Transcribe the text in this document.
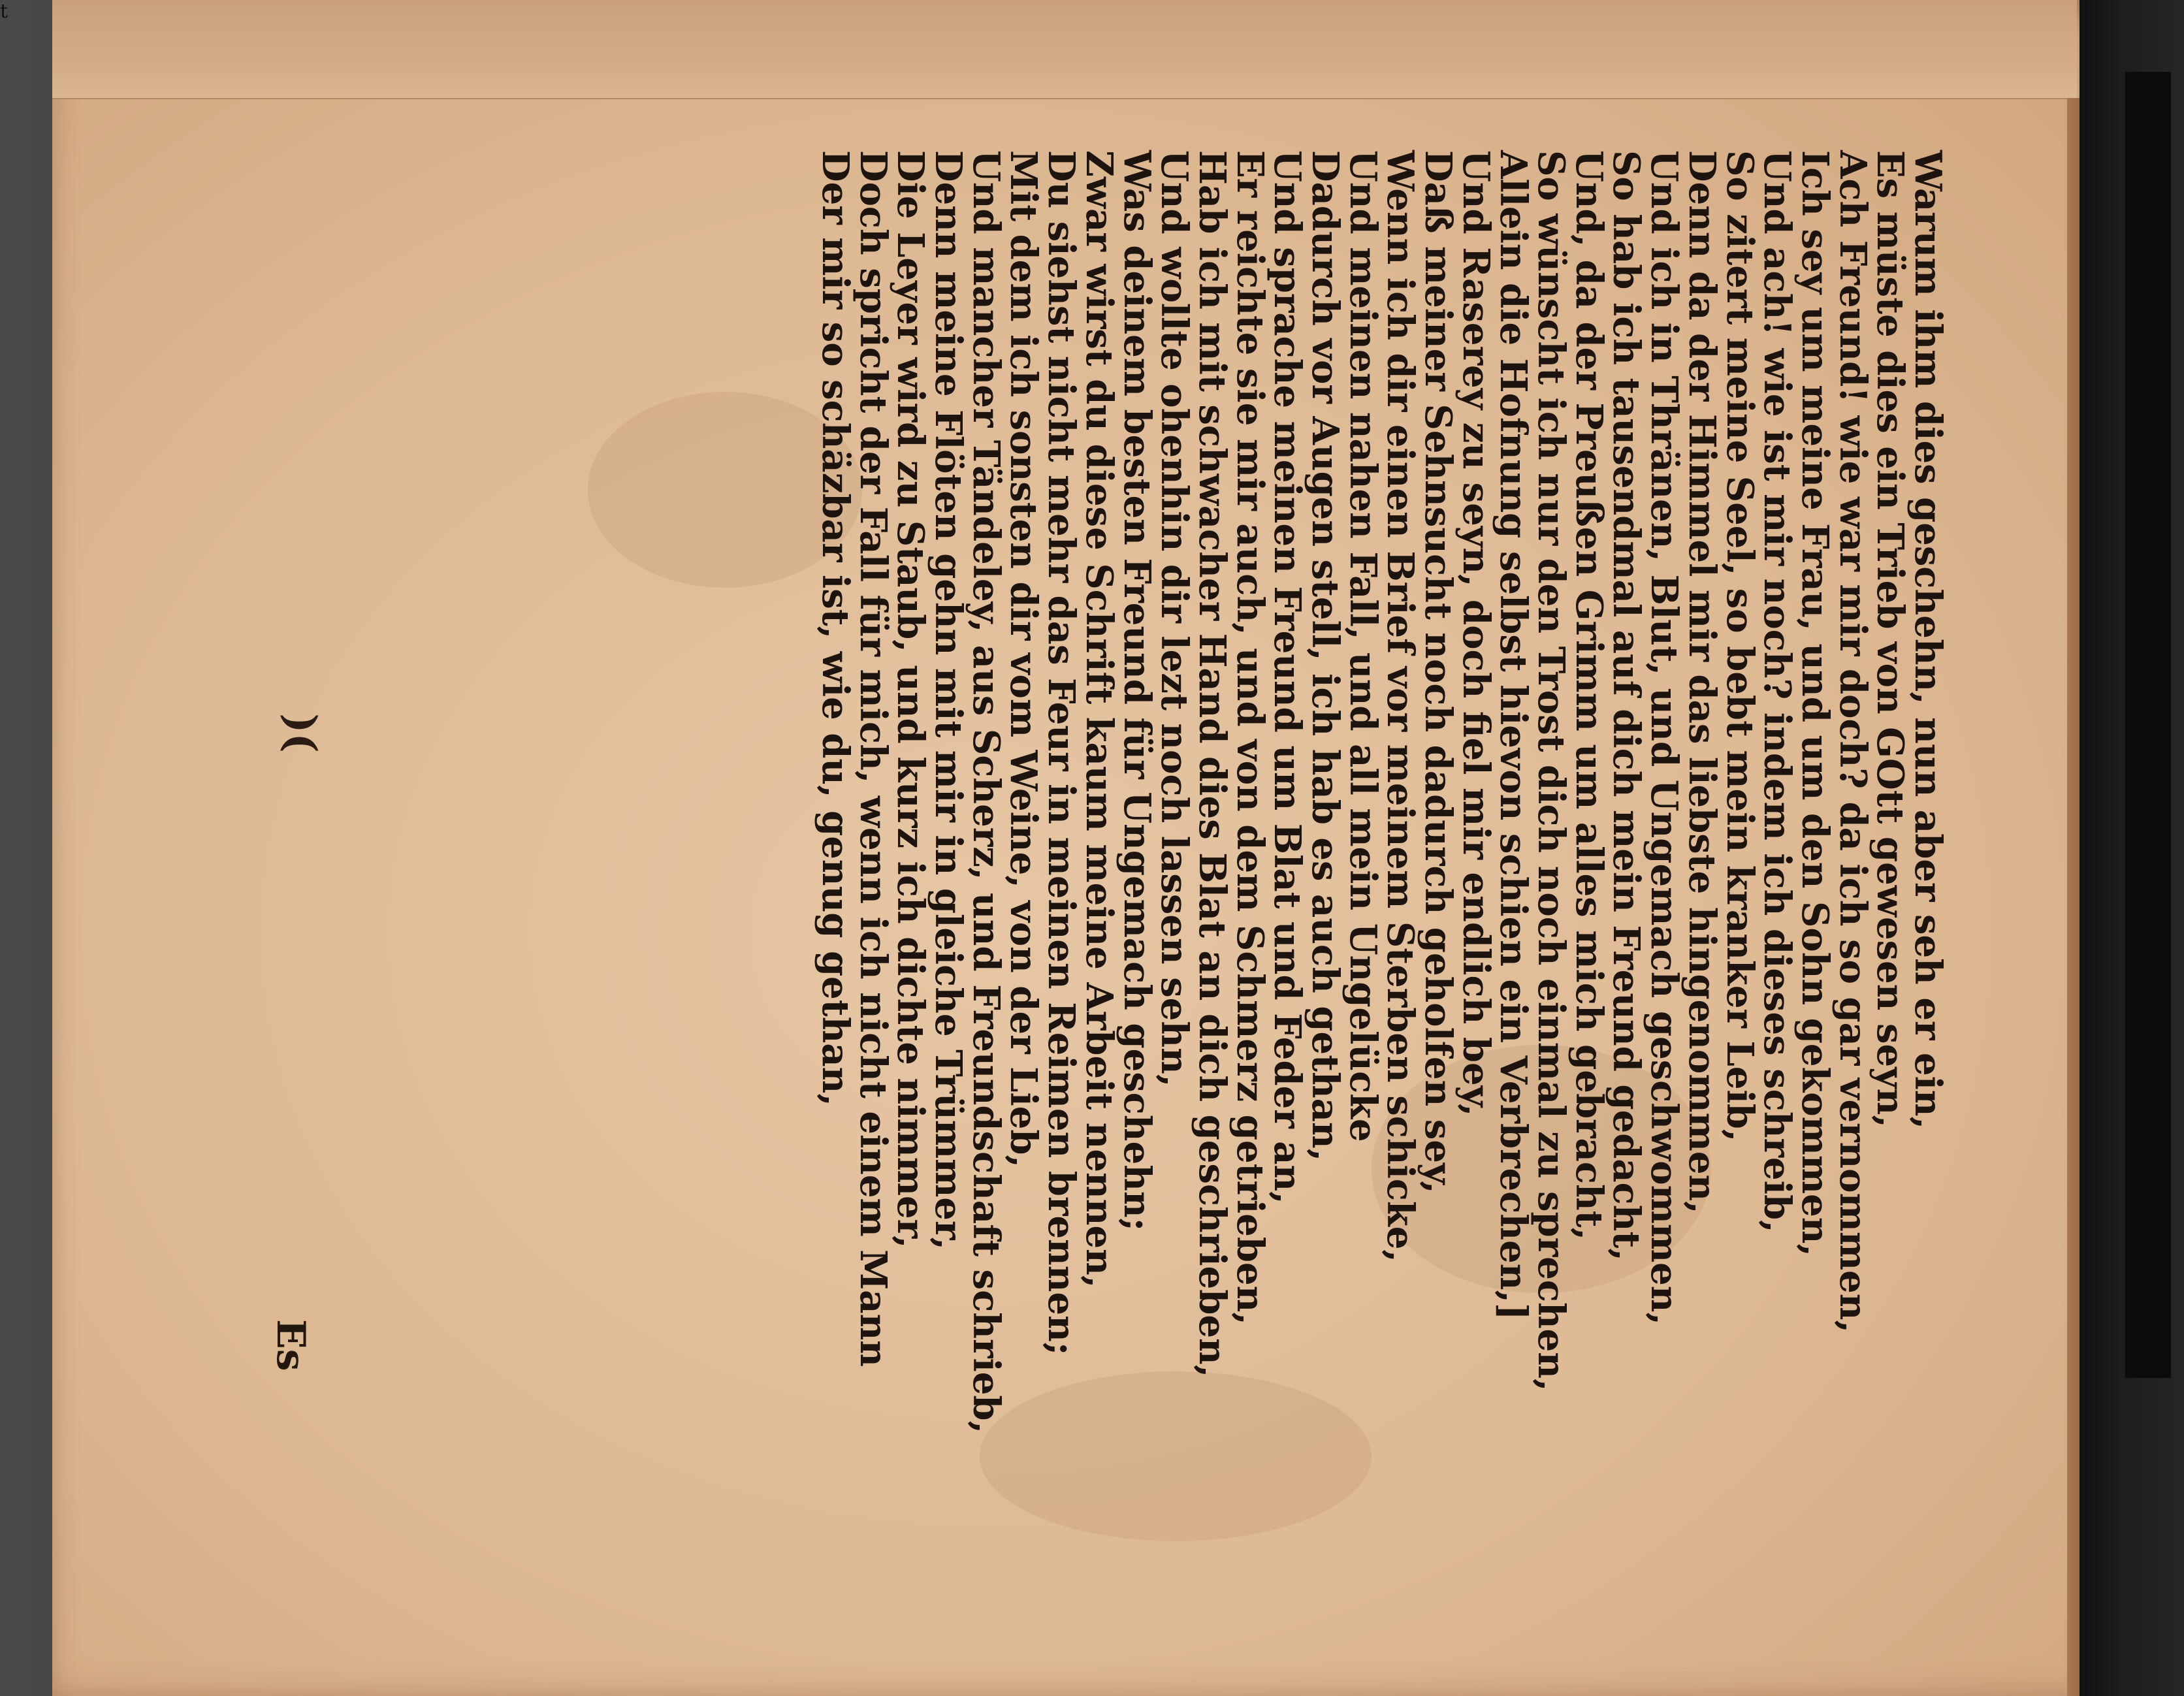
t
Warum ihm dies geschehn, nun aber seh er ein,
Es müste dies ein Trieb von GOtt gewesen seyn,
Ach Freund! wie war mir doch? da ich so gar vernommen,
Ich sey um meine Frau, und um den Sohn gekommen,
Und ach! wie ist mir noch? indem ich dieses schreib,
So zitert meine Seel, so bebt mein kranker Leib,
Denn da der Himmel mir das liebste hingenommen,
Und ich in Thränen, Blut, und Ungemach geschwommen,
So hab ich tausendmal auf dich mein Freund gedacht,
Und, da der Preußen Grimm um alles mich gebracht,
So wünscht ich nur den Trost dich noch einmal zu sprechen,
Allein die Hofnung selbst hievon schien ein Verbrechen,]
Und Raserey zu seyn, doch fiel mir endlich bey,
Daß meiner Sehnsucht noch dadurch geholfen sey,
Wenn ich dir einen Brief vor meinem Sterben schicke,
Und meinen nahen Fall, und all mein Ungelücke
Dadurch vor Augen stell, ich hab es auch gethan,
Und sprache meinen Freund um Blat und Feder an,
Er reichte sie mir auch, und von dem Schmerz getrieben,
Hab ich mit schwacher Hand dies Blat an dich geschrieben,
Und wollte ohenhin dir lezt noch lassen sehn,
Was deinem besten Freund für Ungemach geschehn;
Zwar wirst du diese Schrift kaum meine Arbeit nennen,
Du siehst nicht mehr das Feur in meinen Reimen brennen;
Mit dem ich sonsten dir vom Weine, von der Lieb,
Und mancher Tändeley, aus Scherz, und Freundschaft schrieb,
Denn meine Flöten gehn mit mir in gleiche Trümmer,
Die Leyer wird zu Staub, und kurz ich dichte nimmer,
Doch spricht der Fall für mich, wenn ich nicht einem Mann
Der mir so schäzbar ist, wie du, genug gethan,
)(
Es
